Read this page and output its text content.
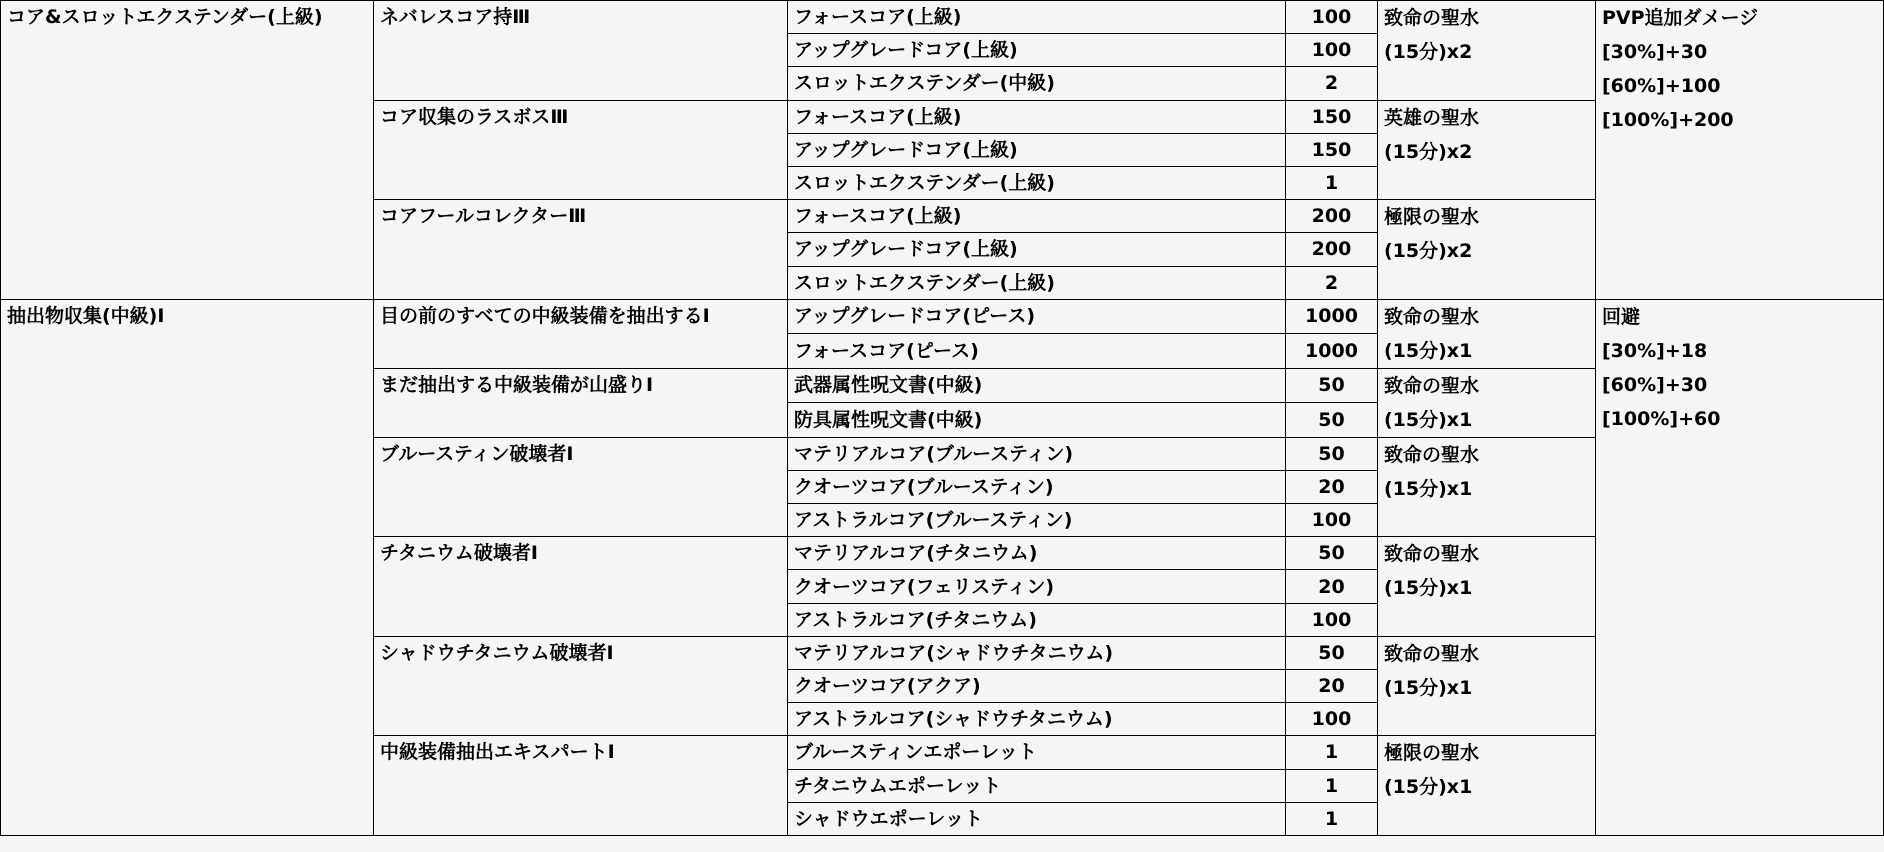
コア&スロットエクステンダー(上級)	ネバレスコア持Ⅲ	フォースコア(上級)	100	致命の聖水
(15分)x2	PVP追加ダメージ
[30%]+30
[60%]+100
[100%]+200

		アップグレードコア(上級)	100		
		スロットエクステンダー(中級)	2		
	コア収集のラスボスⅢ	フォースコア(上級)	150	英雄の聖水
(15分)x2	

		アップグレードコア(上級)	150		
		スロットエクステンダー(上級)	1		
	コアフールコレクターⅢ	フォースコア(上級)	200	極限の聖水
(15分)x2	

		アップグレードコア(上級)	200		
		スロットエクステンダー(上級)	2		
抽出物収集(中級)Ⅰ	目の前のすべての中級装備を抽出するⅠ	アップグレードコア(ピース)	1000	致命の聖水
(15分)x1	回避
[30%]+18
[60%]+30
[100%]+60

		フォースコア(ピース)	1000		
	まだ抽出する中級装備が山盛りⅠ	武器属性呪文書(中級)	50	致命の聖水
(15分)x1	

		防具属性呪文書(中級)	50		
	ブルースティン破壊者Ⅰ	マテリアルコア(ブルースティン)	50	致命の聖水
(15分)x1	

		クオーツコア(ブルースティン)	20		
		アストラルコア(ブルースティン)	100		
	チタニウム破壊者Ⅰ	マテリアルコア(チタニウム)	50	致命の聖水
(15分)x1	

		クオーツコア(フェリスティン)	20		
		アストラルコア(チタニウム)	100		
	シャドウチタニウム破壊者Ⅰ	マテリアルコア(シャドウチタニウム)	50	致命の聖水
(15分)x1	

		クオーツコア(アクア)	20		
		アストラルコア(シャドウチタニウム)	100		
	中級装備抽出エキスパートⅠ	ブルースティンエポーレット	1	極限の聖水
(15分)x1	

		チタニウムエポーレット	1		
		シャドウエポーレット	1		
